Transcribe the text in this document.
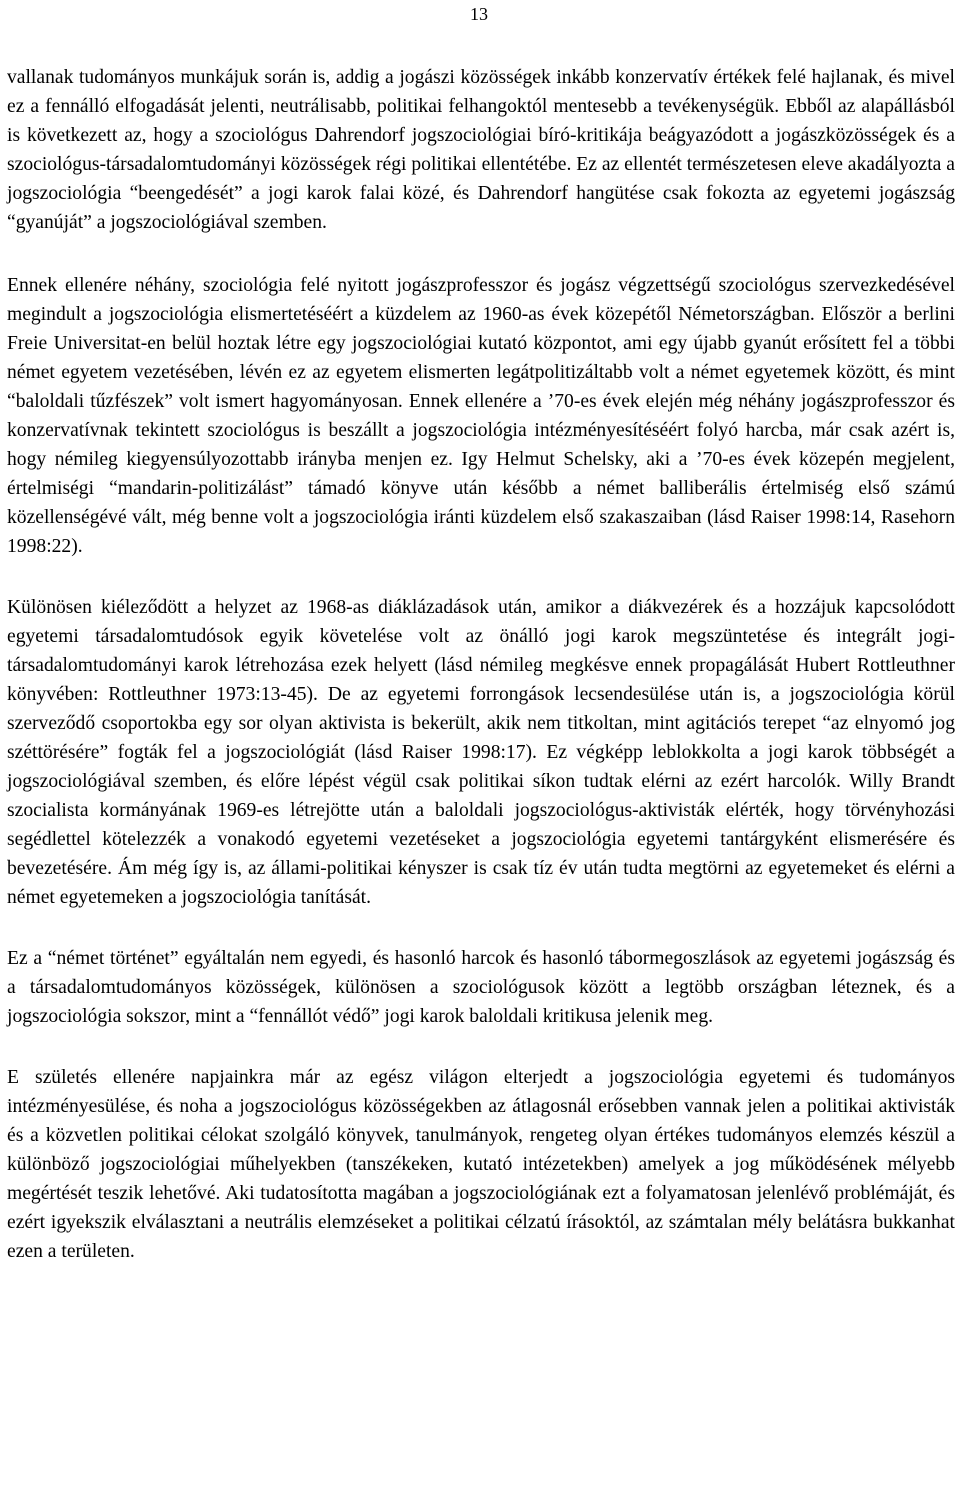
13

vallanak tudományos munkájuk során is, addig a jogászi közösségek inkább konzervatív értékek felé hajlanak, és mivel ez a fennálló elfogadását jelenti, neutrálisabb, politikai felhangoktól mentesebb a tevékenységük. Ebből az alapállásból is következett az, hogy a szociológus Dahrendorf jogszociológiai bíró-kritikája beágyazódott a jogászközösségek és a szociológus-társadalomtudományi közösségek régi politikai ellentétébe. Ez az ellentét természetesen eleve akadályozta a jogszociológia “beengedését” a jogi karok falai közé, és Dahrendorf hangütése csak fokozta az egyetemi jogászság “gyanúját” a jogszociológiával szemben.

Ennek ellenére néhány, szociológia felé nyitott jogászprofesszor és jogász végzettségű szociológus szervezkedésével megindult a jogszociológia elismertetéséért a küzdelem az 1960-as évek közepétől Németországban. Először a berlini Freie Universitat-en belül hoztak létre egy jogszociológiai kutató központot, ami egy újabb gyanút erősített fel a többi német egyetem vezetésében, lévén ez az egyetem elismerten legátpolitizáltabb volt a német egyetemek között, és mint “baloldali tűzfészek” volt ismert hagyományosan. Ennek ellenére a ’70-es évek elején még néhány jogászprofesszor és konzervatívnak tekintett szociológus is beszállt a jogszociológia intézményesítéséért folyó harcba, már csak azért is, hogy némileg kiegyensúlyozottabb irányba menjen ez. Igy Helmut Schelsky, aki a ’70-es évek közepén megjelent, értelmiségi “mandarin-politizálást” támadó könyve után később a német balliberális értelmiség első számú közellenségévé vált, még benne volt a jogszociológia iránti küzdelem első szakaszaiban (lásd Raiser 1998:14, Rasehorn 1998:22).

Különösen kiéleződött a helyzet az 1968-as diáklázadások után, amikor a diákvezérek és a hozzájuk kapcsolódott egyetemi társadalomtudósok egyik követelése volt az önálló jogi karok megszüntetése és integrált jogi-társadalomtudományi karok létrehozása ezek helyett (lásd némileg megkésve ennek propagálását Hubert Rottleuthner könyvében: Rottleuthner 1973:13-45). De az egyetemi forrongások lecsendesülése után is, a jogszociológia körül szerveződő csoportokba egy sor olyan aktivista is bekerült, akik nem titkoltan, mint agitációs terepet “az elnyomó jog széttörésére” fogták fel a jogszociológiát (lásd Raiser 1998:17). Ez végképp leblokkolta a jogi karok többségét a jogszociológiával szemben, és előre lépést végül csak politikai síkon tudtak elérni az ezért harcolók. Willy Brandt szocialista kormányának 1969-es létrejötte után a baloldali jogszociológus-aktivisták elérték, hogy törvényhozási segédlettel kötelezzék a vonakodó egyetemi vezetéseket a jogszociológia egyetemi tantárgyként elismerésére és bevezetésére. Ám még így is, az állami-politikai kényszer is csak tíz év után tudta megtörni az egyetemeket és elérni a német egyetemeken a jogszociológia tanítását.

Ez a “német történet” egyáltalán nem egyedi, és hasonló harcok és hasonló tábormegoszlások az egyetemi jogászság és a társadalomtudományos közösségek, különösen a szociológusok között a legtöbb országban léteznek, és a jogszociológia sokszor, mint a “fennállót védő” jogi karok baloldali kritikusa jelenik meg.

E születés ellenére napjainkra már az egész világon elterjedt a jogszociológia egyetemi és tudományos intézményesülése, és noha a jogszociológus közösségekben az átlagosnál erősebben vannak jelen a politikai aktivisták és a közvetlen politikai célokat szolgáló könyvek, tanulmányok, rengeteg olyan értékes tudományos elemzés készül a különböző jogszociológiai műhelyekben (tanszékeken, kutató intézetekben) amelyek a jog működésének mélyebb megértését teszik lehetővé. Aki tudatosította magában a jogszociológiának ezt a folyamatosan jelenlévő problémáját, és ezért igyekszik elválasztani a neutrális elemzéseket a politikai célzatú írásoktól, az számtalan mély belátásra bukkanhat ezen a területen.
